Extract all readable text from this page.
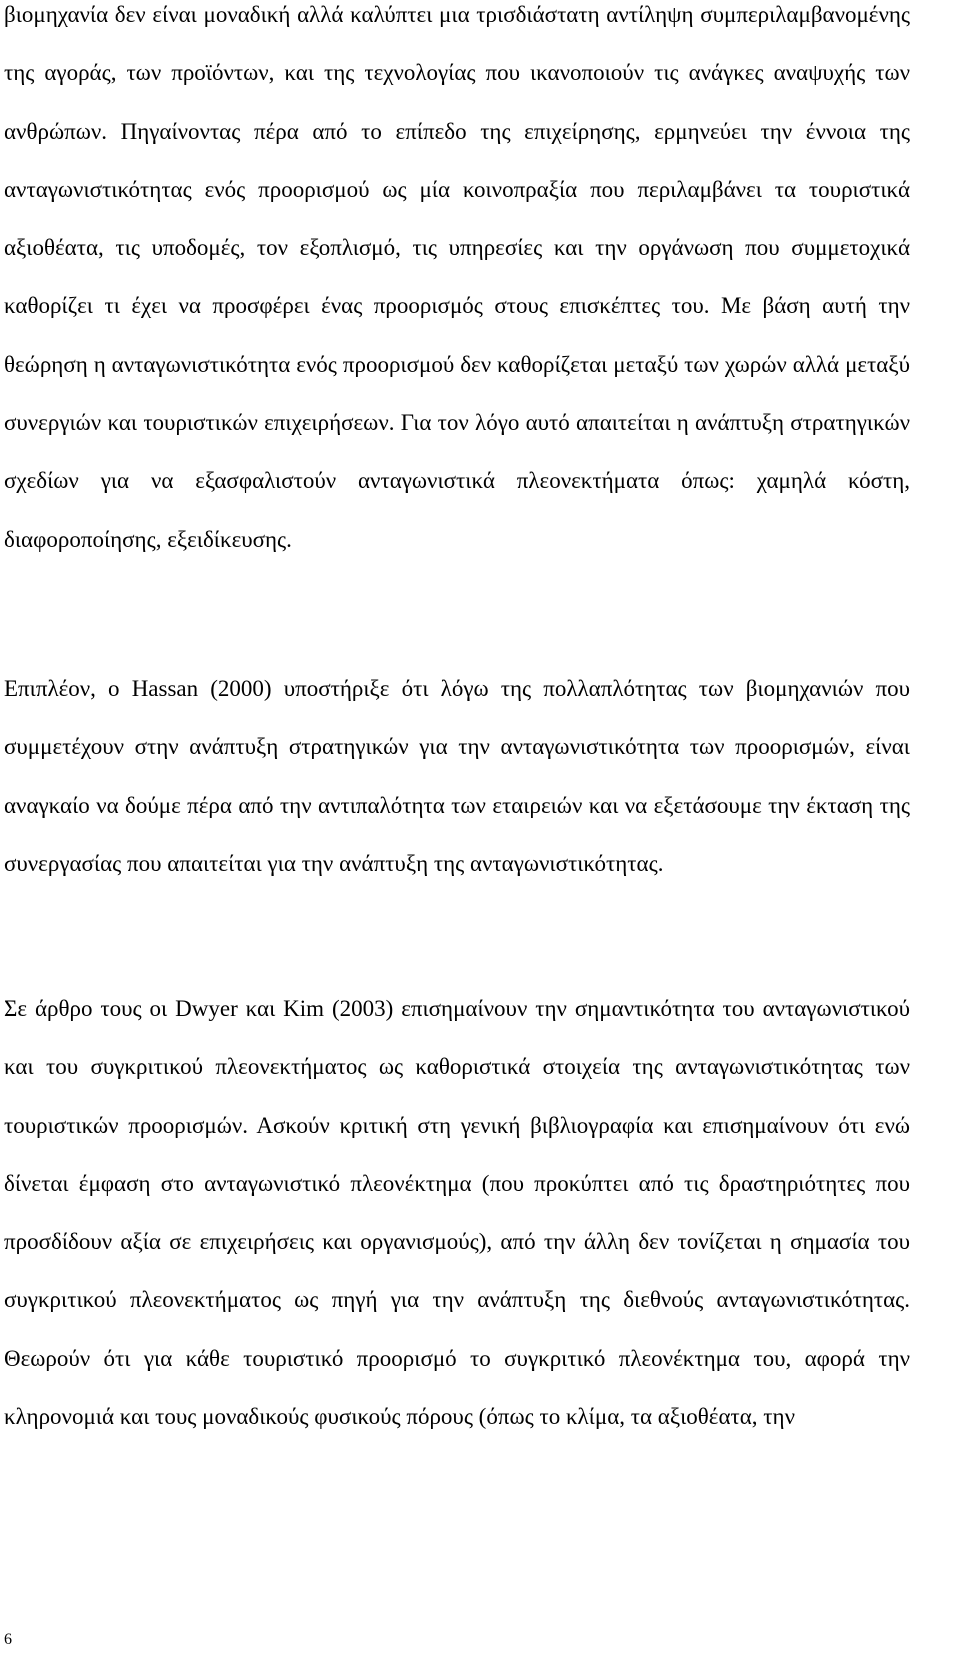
βιομηχανία δεν είναι μοναδική αλλά καλύπτει μια τρισδιάστατη αντίληψη συμπεριλαμβανομένης της αγοράς, των προϊόντων, και της τεχνολογίας που ικανοποιούν τις ανάγκες αναψυχής των ανθρώπων. Πηγαίνοντας πέρα από το επίπεδο της επιχείρησης, ερμηνεύει την έννοια της ανταγωνιστικότητας ενός προορισμού ως μία κοινοπραξία που περιλαμβάνει τα τουριστικά αξιοθέατα, τις υποδομές, τον εξοπλισμό, τις υπηρεσίες και την οργάνωση που συμμετοχικά καθορίζει τι έχει να προσφέρει ένας προορισμός στους επισκέπτες του. Με βάση αυτή την θεώρηση η ανταγωνιστικότητα ενός προορισμού δεν καθορίζεται μεταξύ των χωρών αλλά μεταξύ συνεργιών και τουριστικών επιχειρήσεων. Για τον λόγο αυτό απαιτείται η ανάπτυξη στρατηγικών σχεδίων για να εξασφαλιστούν ανταγωνιστικά πλεονεκτήματα όπως: χαμηλά κόστη, διαφοροποίησης, εξειδίκευσης.

Επιπλέον, ο Hassan (2000) υποστήριξε ότι λόγω της πολλαπλότητας των βιομηχανιών που συμμετέχουν στην ανάπτυξη στρατηγικών για την ανταγωνιστικότητα των προορισμών, είναι αναγκαίο να δούμε πέρα από την αντιπαλότητα των εταιρειών και να εξετάσουμε την έκταση της συνεργασίας που απαιτείται για την ανάπτυξη της ανταγωνιστικότητας.

Σε άρθρο τους οι Dwyer και Kim (2003) επισημαίνουν την σημαντικότητα του ανταγωνιστικού και του συγκριτικού πλεονεκτήματος ως καθοριστικά στοιχεία της ανταγωνιστικότητας των τουριστικών προορισμών. Ασκούν κριτική στη γενική βιβλιογραφία και επισημαίνουν ότι ενώ δίνεται έμφαση στο ανταγωνιστικό πλεονέκτημα (που προκύπτει από τις δραστηριότητες που προσδίδουν αξία σε επιχειρήσεις και οργανισμούς), από την άλλη δεν τονίζεται η σημασία του συγκριτικού πλεονεκτήματος ως πηγή για την ανάπτυξη της διεθνούς ανταγωνιστικότητας. Θεωρούν ότι για κάθε τουριστικό προορισμό το συγκριτικό πλεονέκτημα του, αφορά την κληρονομιά και τους μοναδικούς φυσικούς πόρους (όπως το κλίμα, τα αξιοθέατα, την

6
